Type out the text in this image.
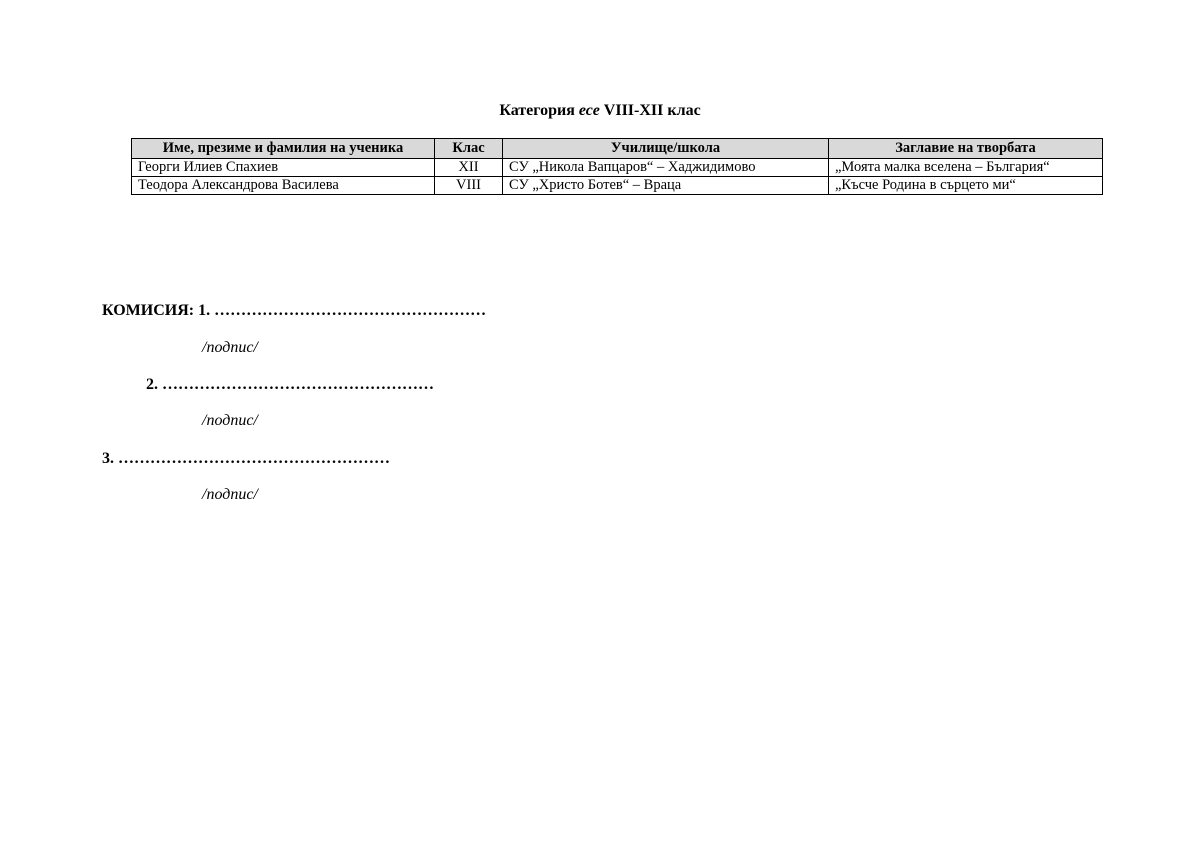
Категория есе VIII-XII клас
Име, презиме и фамилия на ученика	Клас	Училище/школа	Заглавие на творбата
Георги Илиев Спахиев	XII	СУ „Никола Вапцаров“ – Хаджидимово	„Моята малка вселена – България“
Теодора Александрова Василева	VIII	СУ „Христо Ботев“ – Враца	„Късче Родина в сърцето ми“
КОМИСИЯ: 1. ……………………………………………
/подпис/
2. ……………………………………………
/подпис/
3. ……………………………………………
/подпис/
